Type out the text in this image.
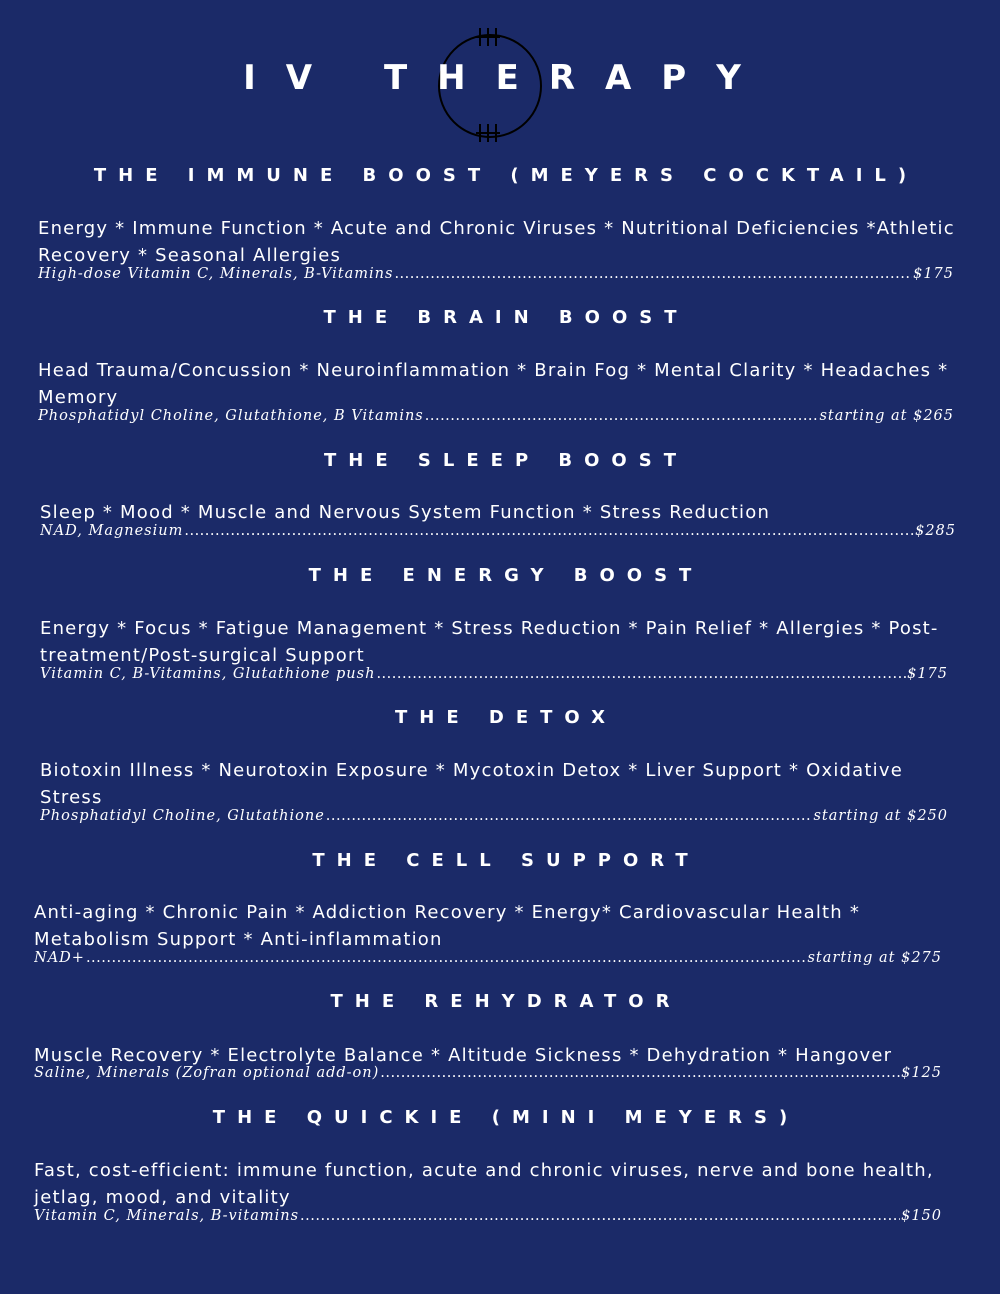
IV THERAPY
THE IMMUNE BOOST (MEYERS COCKTAIL)
Energy * Immune Function * Acute and Chronic Viruses * Nutritional Deficiencies *Athletic Recovery * Seasonal Allergies
High-dose Vitamin C, Minerals, B-Vitamins .....	$175
THE BRAIN BOOST
Head Trauma/Concussion * Neuroinflammation * Brain Fog * Mental Clarity * Headaches * Memory
Phosphatidyl Choline, Glutathione, B Vitamins .....	starting at $265
THE SLEEP BOOST
Sleep * Mood * Muscle and Nervous System Function * Stress Reduction
NAD, Magnesium .....	$285
THE ENERGY BOOST
Energy * Focus * Fatigue Management * Stress Reduction * Pain Relief * Allergies * Post-treatment/Post-surgical Support
Vitamin C, B-Vitamins, Glutathione push .....	$175
THE DETOX
Biotoxin Illness * Neurotoxin Exposure * Mycotoxin Detox * Liver Support * Oxidative Stress
Phosphatidyl Choline, Glutathione .....	starting at $250
THE CELL SUPPORT
Anti-aging * Chronic Pain * Addiction Recovery * Energy* Cardiovascular Health * Metabolism Support * Anti-inflammation
NAD+ .....	starting at $275
THE REHYDRATOR
Muscle Recovery * Electrolyte Balance * Altitude Sickness * Dehydration * Hangover
Saline, Minerals (Zofran optional add-on) .....	$125
THE QUICKIE (MINI MEYERS)
Fast, cost-efficient: immune function, acute and chronic viruses, nerve and bone health, jetlag, mood, and vitality
Vitamin C, Minerals, B-vitamins .....	$150
